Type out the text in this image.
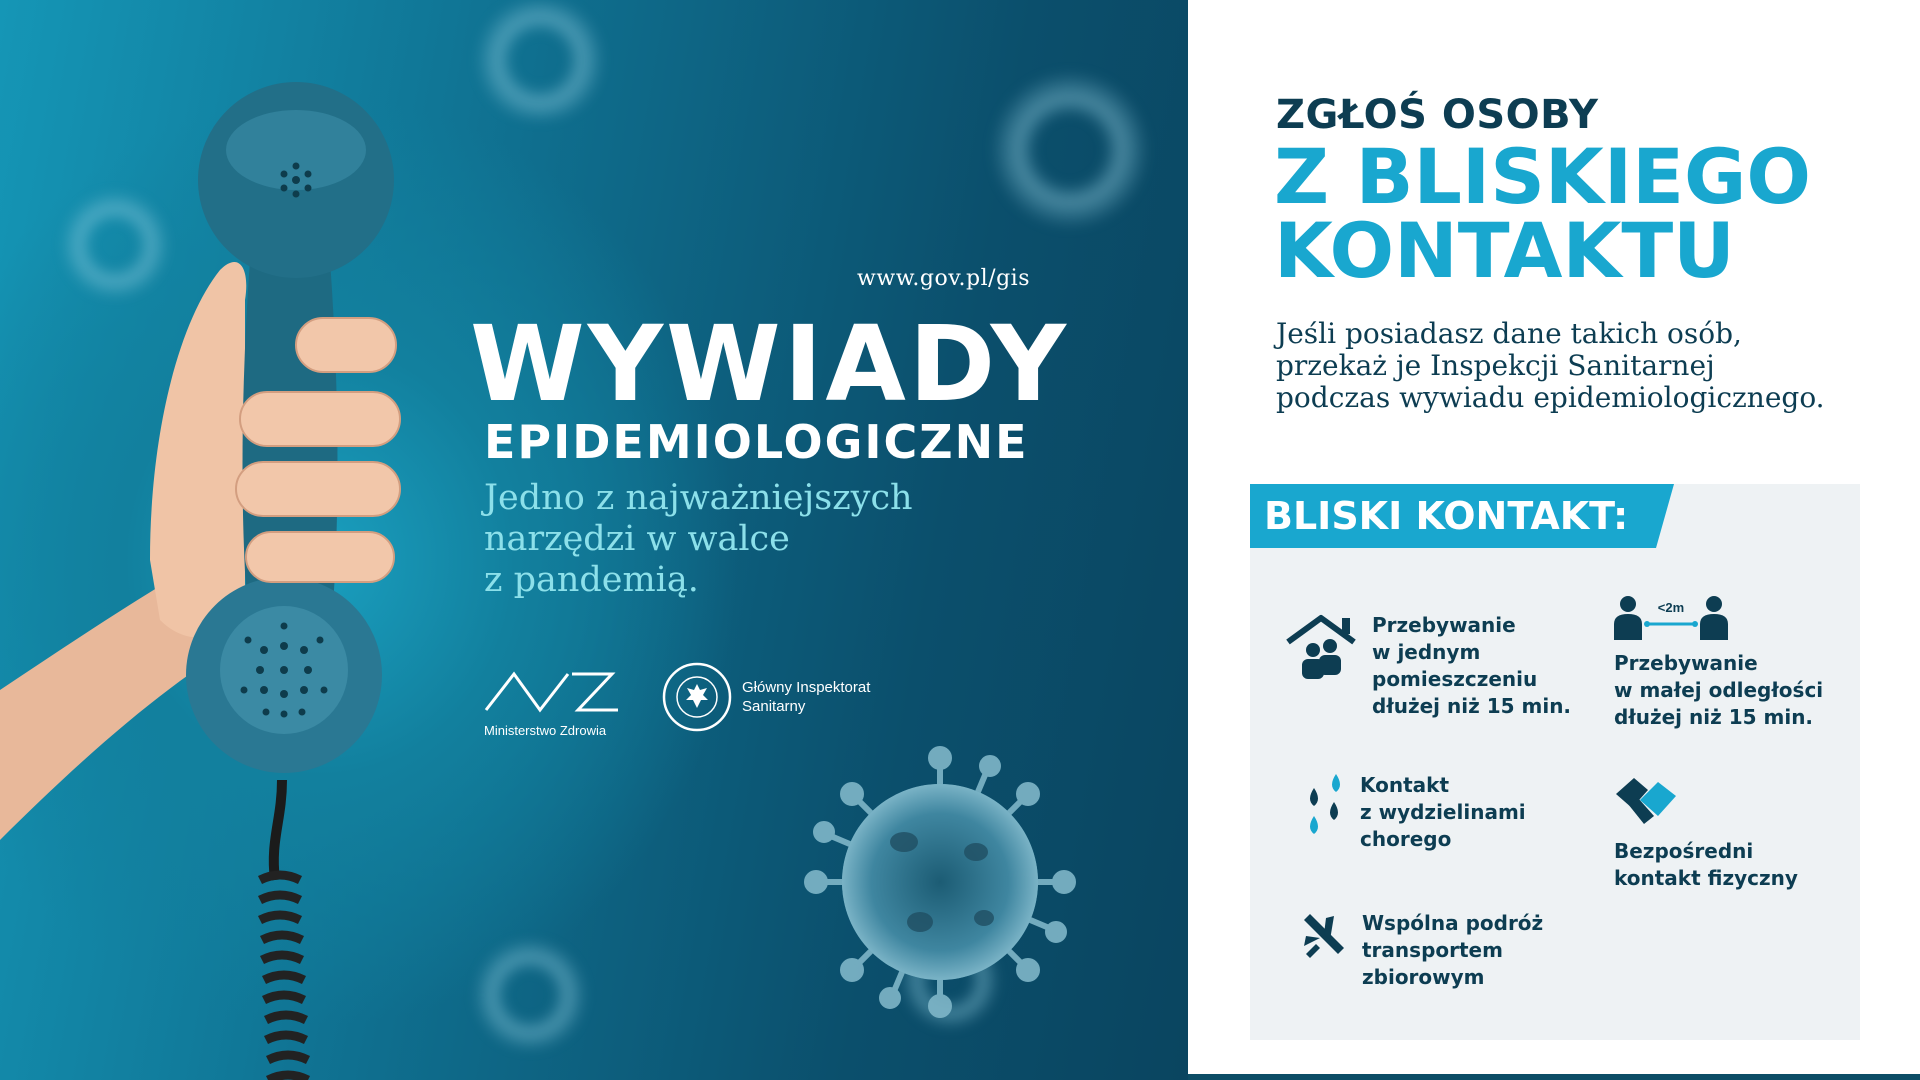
www.gov.pl/gis
WYWIADY
EPIDEMIOLOGICZNE
Jedno z najważniejszych
narzędzi w walce
z pandemią.
Ministerstwo Zdrowia
Główny Inspektorat
Sanitarny
ZGŁOŚ OSOBY
Z BLISKIEGO
KONTAKTU
Jeśli posiadasz dane takich osób,
przekaż je Inspekcji Sanitarnej
podczas wywiadu epidemiologicznego.
BLISKI KONTAKT:
Przebywanie
w jednym
pomieszczeniu
dłużej niż 15 min.
<2m
Przebywanie
w małej odległości
dłużej niż 15 min.
Kontakt
z wydzielinami
chorego	Bezpośredni
kontakt fizyczny
Wspólna podróż
transportem
zbiorowym
